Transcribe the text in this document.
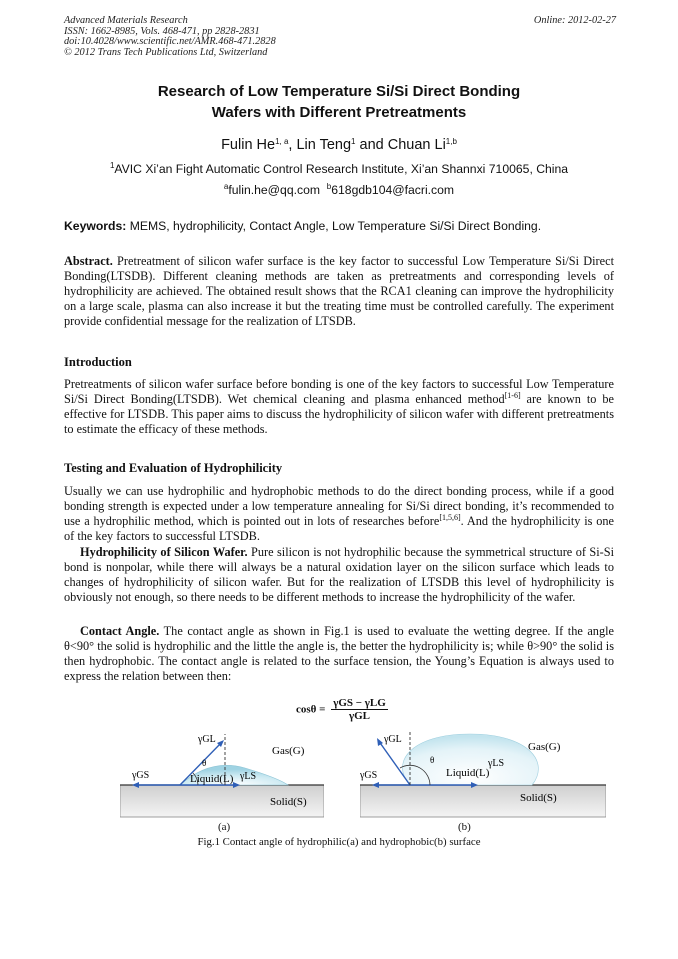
Advanced Materials Research
ISSN: 1662-8985, Vols. 468-471, pp 2828-2831
doi:10.4028/www.scientific.net/AMR.468-471.2828
© 2012 Trans Tech Publications Ltd, Switzerland
Online: 2012-02-27
Research of Low Temperature Si/Si Direct Bonding
Wafers with Different Pretreatments
Fulin He$^{1, a}$, Lin Teng$^1$ and Chuan Li$^{1,b}$
$^1$AVIC Xi’an Fight Automatic Control Research Institute, Xi’an Shannxi 710065, China
$^a$fulin.he@qq.com $^b$618gdb104@facri.com
Keywords: MEMS, hydrophilicity, Contact Angle, Low Temperature Si/Si Direct Bonding.
Abstract. Pretreatment of silicon wafer surface is the key factor to successful Low Temperature Si/Si Direct Bonding(LTSDB). Different cleaning methods are taken as pretreatments and corresponding levels of hydrophilicity are achieved. The obtained result shows that the RCA1 cleaning can improve the hydrophilicity on a large scale, plasma can also increase it but the treating time must be controlled carefully. The experiment provide confidential message for the realization of LTSDB.
Introduction
Pretreatments of silicon wafer surface before bonding is one of the key factors to successful Low Temperature Si/Si Direct Bonding(LTSDB). Wet chemical cleaning and plasma enhanced method[1-6] are known to be effective for LTSDB. This paper aims to discuss the hydrophilicity of silicon wafer with different pretreatments to estimate the efficacy of these methods.
Testing and Evaluation of Hydrophilicity
Usually we can use hydrophilic and hydrophobic methods to do the direct bonding process, while if a good bonding strength is expected under a low temperature annealing for Si/Si direct bonding, it’s recommended to use a hydrophilic method, which is pointed out in lots of researches before[1,5,6]. And the hydrophilicity is one of the key factors to successful LTSDB.
Hydrophilicity of Silicon Wafer. Pure silicon is not hydrophilic because the symmetrical structure of Si-Si bond is nonpolar, while there will always be a natural oxidation layer on the silicon surface which leads to changes of hydrophilicity of silicon wafer. But for the realization of LTSDB this level of hydrophilicity is obviously not enough, so there needs to be different methods to increase the hydrophilicity of the wafer.
Contact Angle. The contact angle as shown in Fig.1 is used to evaluate the wetting degree. If the angle θ<90° the solid is hydrophilic and the little the angle is, the better the hydrophilicity is; while θ>90° the solid is then hydrophobic. The contact angle is related to the surface tension, the Young’s Equation is always used to express the relation between then:
$\cos\theta = \frac{\text{γGS − γLG}}{\text{γGL}}$
γGL
θ
γGS	γLS
Gas(G)
Liquid(L)
Solid(S)
γGL
θ
γGS
γLS
Gas(G)
Liquid(L)
Solid(S)
(a)	(b)
Fig.1 Contact angle of hydrophilic(a) and hydrophobic(b) surface
